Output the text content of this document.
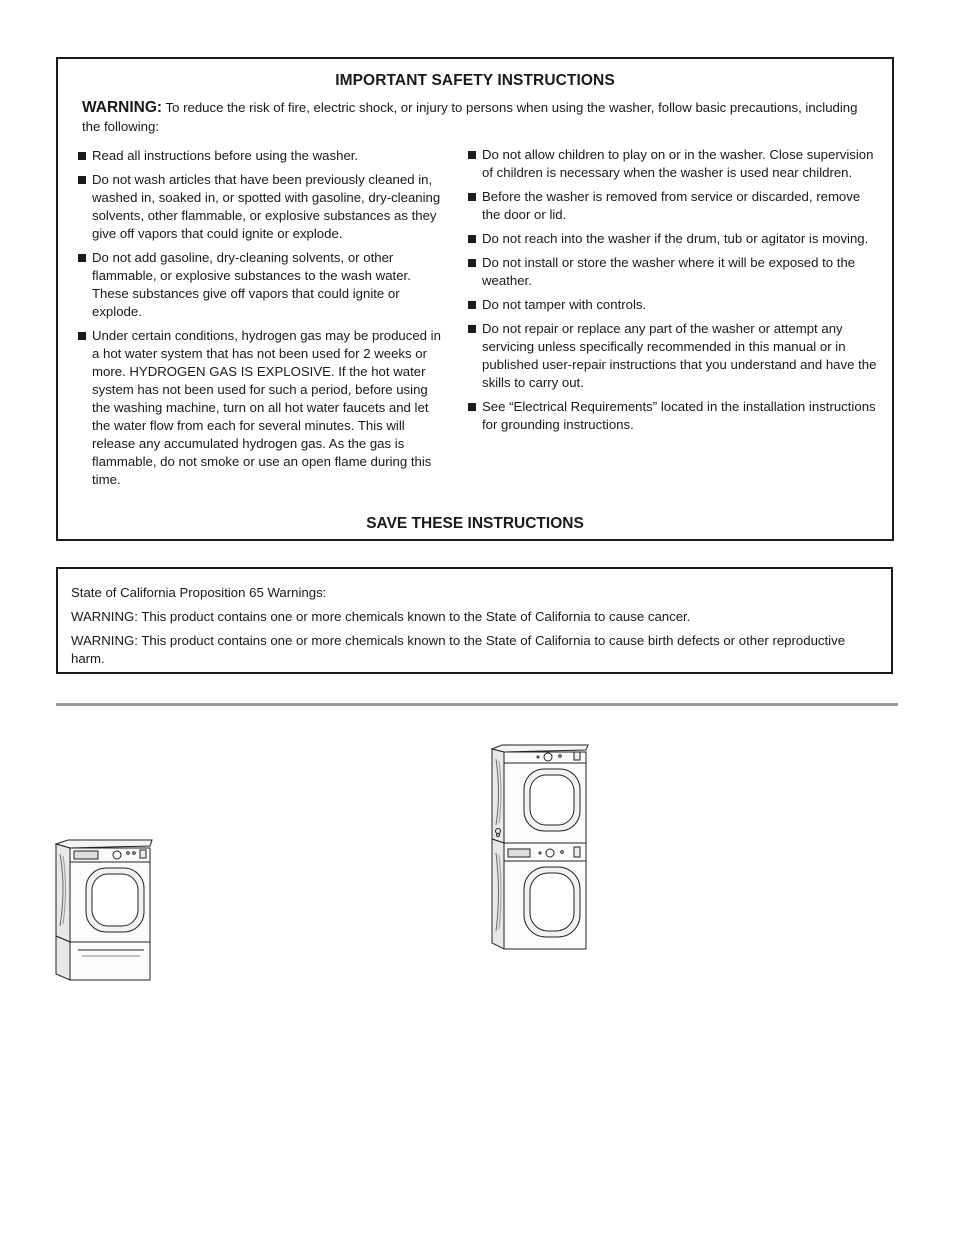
IMPORTANT SAFETY INSTRUCTIONS
WARNING: To reduce the risk of fire, electric shock, or injury to persons when using the washer, follow basic precautions, including the following:
Read all instructions before using the washer.
Do not wash articles that have been previously cleaned in, washed in, soaked in, or spotted with gasoline, dry-cleaning solvents, other flammable, or explosive substances as they give off vapors that could ignite or explode.
Do not add gasoline, dry-cleaning solvents, or other flammable, or explosive substances to the wash water. These substances give off vapors that could ignite or explode.
Under certain conditions, hydrogen gas may be produced in a hot water system that has not been used for 2 weeks or more. HYDROGEN GAS IS EXPLOSIVE. If the hot water system has not been used for such a period, before using the washing machine, turn on all hot water faucets and let the water flow from each for several minutes. This will release any accumulated hydrogen gas. As the gas is flammable, do not smoke or use an open flame during this time.
Do not allow children to play on or in the washer. Close supervision of children is necessary when the washer is used near children.
Before the washer is removed from service or discarded, remove the door or lid.
Do not reach into the washer if the drum, tub or agitator is moving.
Do not install or store the washer where it will be exposed to the weather.
Do not tamper with controls.
Do not repair or replace any part of the washer or attempt any servicing unless specifically recommended in this manual or in published user-repair instructions that you understand and have the skills to carry out.
See “Electrical Requirements” located in the installation instructions for grounding instructions.
SAVE THESE INSTRUCTIONS
State of California Proposition 65 Warnings:
WARNING: This product contains one or more chemicals known to the State of California to cause cancer.
WARNING: This product contains one or more chemicals known to the State of California to cause birth defects or other reproductive harm.
